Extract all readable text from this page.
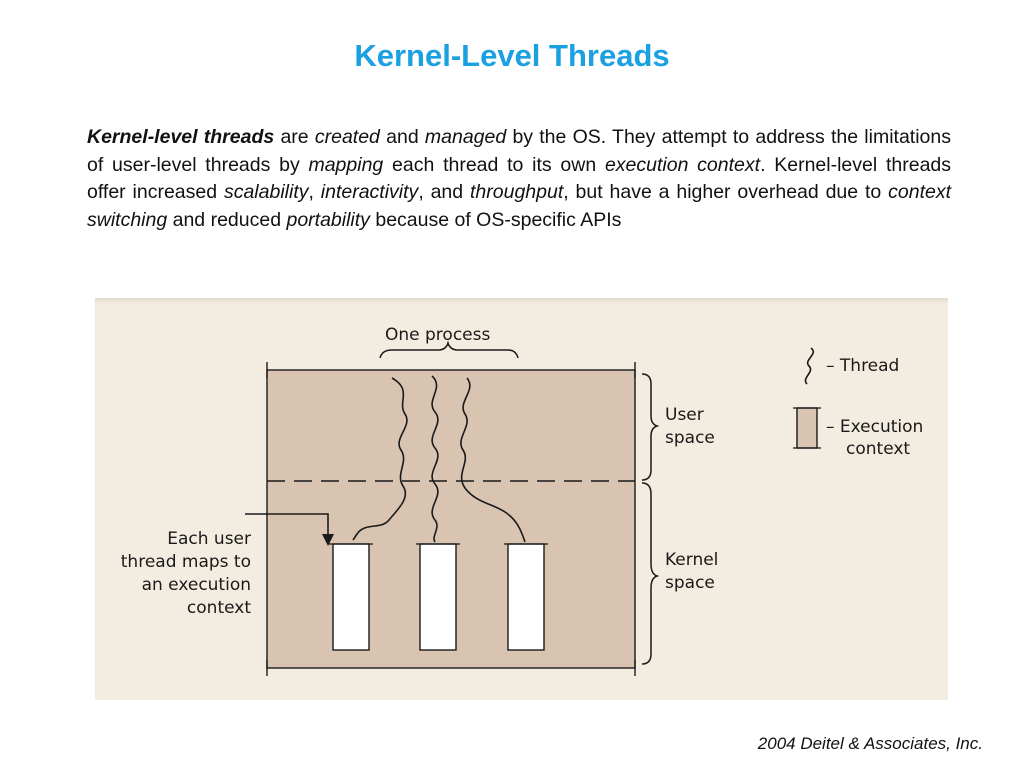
Kernel-Level Threads

Kernel-level threads are created and managed by the OS. They attempt to address the limitations of user-level threads by mapping each thread to its own execution context. Kernel-level threads offer increased scalability, interactivity, and throughput, but have a higher overhead due to context switching and reduced portability because of OS-specific APIs

One process
User
space
Kernel
space
Each user
thread maps to
an execution
context
– Thread
– Execution
context

2004 Deitel & Associates, Inc.
